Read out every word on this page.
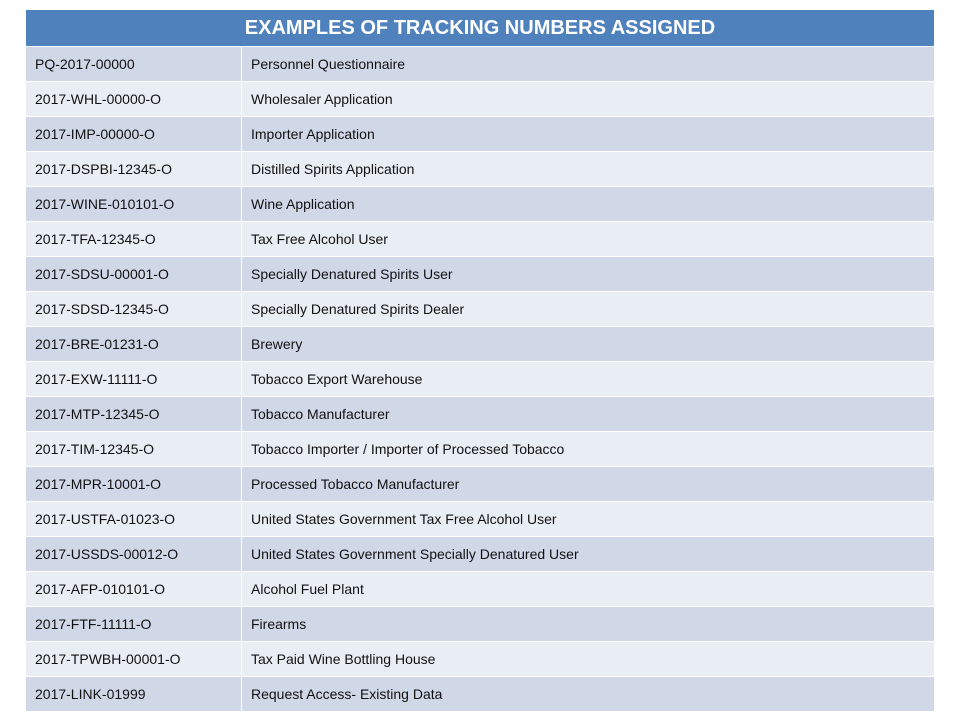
EXAMPLES OF TRACKING NUMBERS ASSIGNED	
PQ-2017-00000	Personnel Questionnaire
2017-WHL-00000-O	Wholesaler Application
2017-IMP-00000-O	Importer Application
2017-DSPBI-12345-O	Distilled Spirits Application
2017-WINE-010101-O	Wine Application
2017-TFA-12345-O	Tax Free Alcohol User
2017-SDSU-00001-O	Specially Denatured Spirits User
2017-SDSD-12345-O	Specially Denatured Spirits Dealer
2017-BRE-01231-O	Brewery
2017-EXW-11111-O	Tobacco Export Warehouse
2017-MTP-12345-O	Tobacco Manufacturer
2017-TIM-12345-O	Tobacco Importer / Importer of Processed Tobacco
2017-MPR-10001-O	Processed Tobacco Manufacturer
2017-USTFA-01023-O	United States Government Tax Free Alcohol User
2017-USSDS-00012-O	United States Government Specially Denatured User
2017-AFP-010101-O	Alcohol Fuel Plant
2017-FTF-11111-O	Firearms
2017-TPWBH-00001-O	Tax Paid Wine Bottling House
2017-LINK-01999	Request Access- Existing Data
